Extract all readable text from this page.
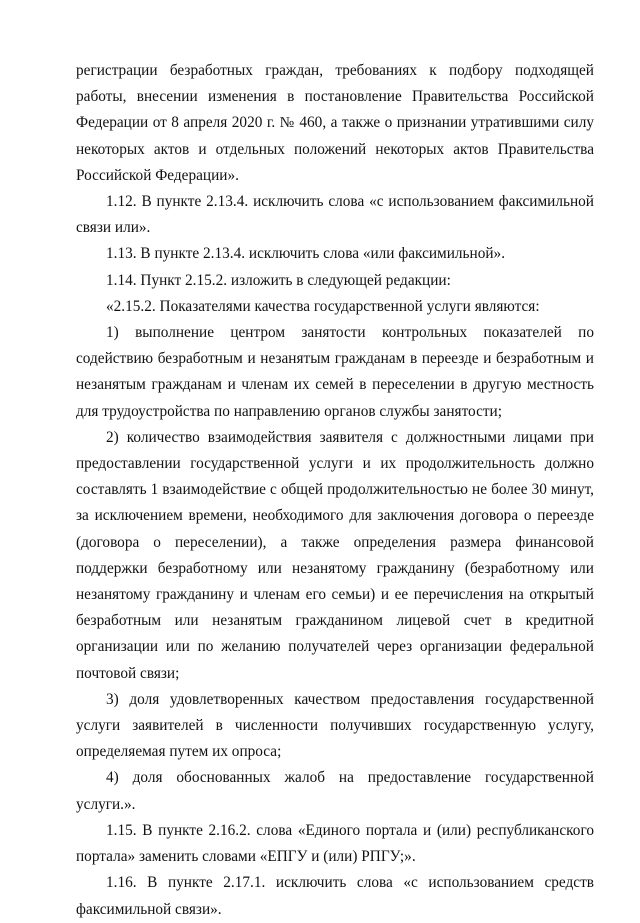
регистрации безработных граждан, требованиях к подбору подходящей работы, внесении изменения в постановление Правительства Российской Федерации от 8 апреля 2020 г. № 460, а также о признании утратившими силу некоторых актов и отдельных положений некоторых актов Правительства Российской Федерации».

1.12. В пункте 2.13.4. исключить слова «с использованием факсимильной связи или».

1.13. В пункте 2.13.4. исключить слова «или факсимильной».

1.14. Пункт 2.15.2. изложить в следующей редакции:

«2.15.2. Показателями качества государственной услуги являются:

1) выполнение центром занятости контрольных показателей по содействию безработным и незанятым гражданам в переезде и безработным и незанятым гражданам и членам их семей в переселении в другую местность для трудоустройства по направлению органов службы занятости;

2) количество взаимодействия заявителя с должностными лицами при предоставлении государственной услуги и их продолжительность должно составлять 1 взаимодействие с общей продолжительностью не более 30 минут, за исключением времени, необходимого для заключения договора о переезде (договора о переселении), а также определения размера финансовой поддержки безработному или незанятому гражданину (безработному или незанятому гражданину и членам его семьи) и ее перечисления на открытый безработным или незанятым гражданином лицевой счет в кредитной организации или по желанию получателей через организации федеральной почтовой связи;

3) доля удовлетворенных качеством предоставления государственной услуги заявителей в численности получивших государственную услугу, определяемая путем их опроса;

4) доля обоснованных жалоб на предоставление государственной услуги.».

1.15. В пункте 2.16.2. слова «Единого портала и (или) республиканского портала» заменить словами «ЕПГУ и (или) РПГУ;».

1.16. В пункте 2.17.1. исключить слова «с использованием средств факсимильной связи».
